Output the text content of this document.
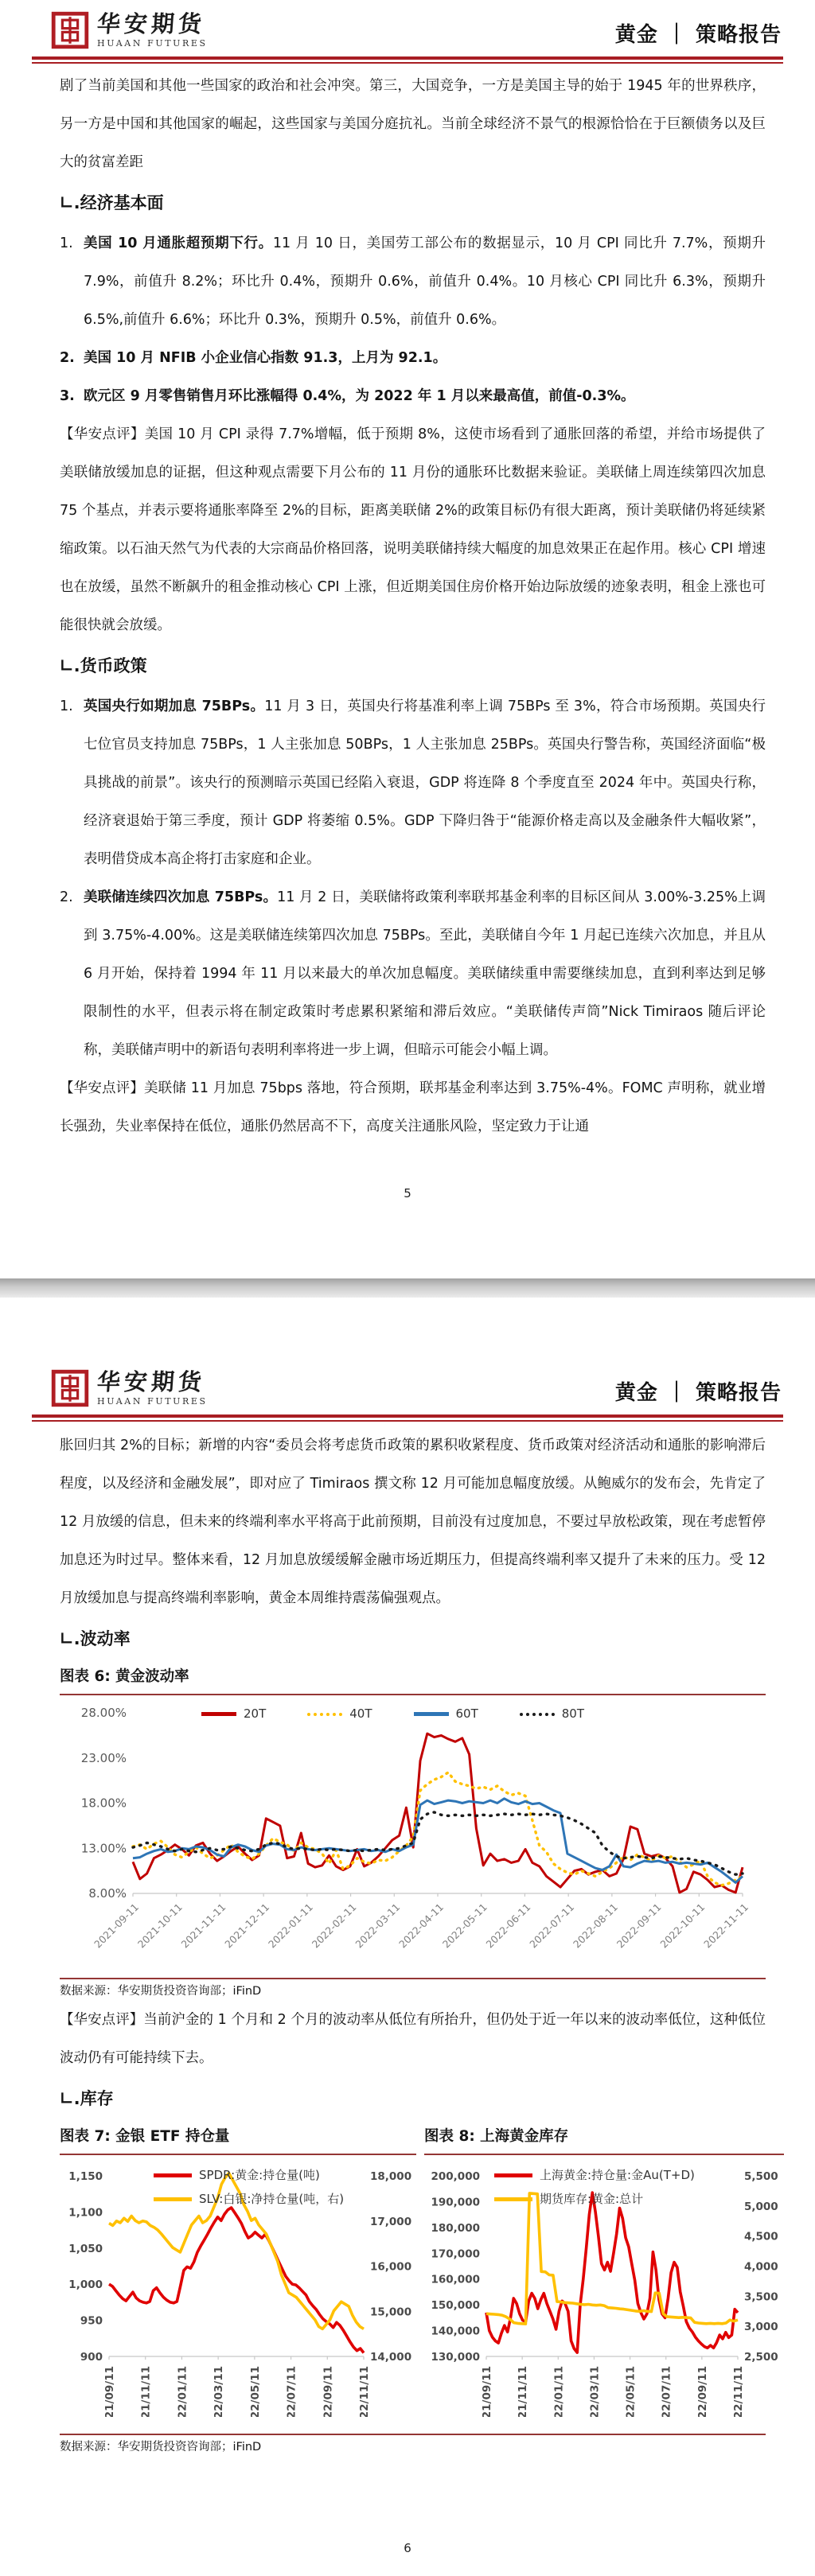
华安期货
HUAAN FUTURES	黄金 ｜ 策略报告
剧了当前美国和其他一些国家的政治和社会冲突。第三，大国竞争，一方是美国主导的始于 1945 年的世界秩序，另一方是中国和其他国家的崛起，这些国家与美国分庭抗礼。当前全球经济不景气的根源恰恰在于巨额债务以及巨大的贫富差距
∟.经济基本面
1. 美国 10 月通胀超预期下行。11 月 10 日，美国劳工部公布的数据显示，10 月 CPI 同比升 7.7%，预期升 7.9%，前值升 8.2%；环比升 0.4%，预期升 0.6%，前值升 0.4%。10 月核心 CPI 同比升 6.3%，预期升 6.5%,前值升 6.6%；环比升 0.3%，预期升 0.5%，前值升 0.6%。
2. 美国 10 月 NFIB 小企业信心指数 91.3，上月为 92.1。
3. 欧元区 9 月零售销售月环比涨幅得 0.4%，为 2022 年 1 月以来最高值，前值-0.3%。
【华安点评】美国 10 月 CPI 录得 7.7%增幅，低于预期 8%，这使市场看到了通胀回落的希望，并给市场提供了美联储放缓加息的证据，但这种观点需要下月公布的 11 月份的通胀环比数据来验证。美联储上周连续第四次加息 75 个基点，并表示要将通胀率降至 2%的目标，距离美联储 2%的政策目标仍有很大距离，预计美联储仍将延续紧缩政策。以石油天然气为代表的大宗商品价格回落，说明美联储持续大幅度的加息效果正在起作用。核心 CPI 增速也在放缓，虽然不断飙升的租金推动核心 CPI 上涨，但近期美国住房价格开始边际放缓的迹象表明，租金上涨也可能很快就会放缓。
∟.货币政策
1. 英国央行如期加息 75BPs。11 月 3 日，英国央行将基准利率上调 75BPs 至 3%，符合市场预期。英国央行七位官员支持加息 75BPs，1 人主张加息 50BPs，1 人主张加息 25BPs。英国央行警告称，英国经济面临“极具挑战的前景”。该央行的预测暗示英国已经陷入衰退，GDP 将连降 8 个季度直至 2024 年中。英国央行称，经济衰退始于第三季度，预计 GDP 将萎缩 0.5%。GDP 下降归咎于“能源价格走高以及金融条件大幅收紧”，表明借贷成本高企将打击家庭和企业。
2. 美联储连续四次加息 75BPs。11 月 2 日，美联储将政策利率联邦基金利率的目标区间从 3.00%-3.25%上调到 3.75%-4.00%。这是美联储连续第四次加息 75BPs。至此，美联储自今年 1 月起已连续六次加息，并且从 6 月开始，保持着 1994 年 11 月以来最大的单次加息幅度。美联储续重申需要继续加息，直到利率达到足够限制性的水平，但表示将在制定政策时考虑累积紧缩和滞后效应。“美联储传声筒”Nick Timiraos 随后评论称，美联储声明中的新语句表明利率将进一步上调，但暗示可能会小幅上调。
【华安点评】美联储 11 月加息 75bps 落地，符合预期，联邦基金利率达到 3.75%-4%。FOMC 声明称，就业增长强劲，失业率保持在低位，通胀仍然居高不下，高度关注通胀风险，坚定致力于让通
5
华安期货
HUAAN FUTURES	黄金 ｜ 策略报告
胀回归其 2%的目标；新增的内容“委员会将考虑货币政策的累积收紧程度、货币政策对经济活动和通胀的影响滞后程度，以及经济和金融发展”，即对应了 Timiraos 撰文称 12 月可能加息幅度放缓。从鲍威尔的发布会，先肯定了 12 月放缓的信息，但未来的终端利率水平将高于此前预期，目前没有过度加息，不要过早放松政策，现在考虑暂停加息还为时过早。整体来看，12 月加息放缓缓解金融市场近期压力，但提高终端利率又提升了未来的压力。受 12 月放缓加息与提高终端利率影响，黄金本周维持震荡偏强观点。
∟.波动率
图表 6: 黄金波动率
28.00%
23.00%
18.00%
13.00%
8.00%
2021-09-11
2021-10-11
2021-11-11
2021-12-11
2022-01-11
2022-02-11
2022-03-11
2022-04-11
2022-05-11
2022-06-11
2022-07-11
2022-08-11
2022-09-11
2022-10-11
2022-11-11
20T	40T	60T	80T
数据来源：华安期货投资咨询部；iFinD
【华安点评】当前沪金的 1 个月和 2 个月的波动率从低位有所抬升，但仍处于近一年以来的波动率低位，这种低位波动仍有可能持续下去。
∟.库存
图表 7: 金银 ETF 持仓量
1,150
1,100
1,050
1,000
950
900
18,000
17,000
16,000
15,000
14,000
21/09/11 21/11/11 22/01/11 22/03/11 22/05/11 22/07/11 22/09/11 22/11/11
SPDR:黄金:持仓量(吨)
SLV:白银:净持仓量(吨，右)
图表 8: 上海黄金库存
200,000
190,000
180,000
170,000
160,000
150,000
140,000
130,000
5,500
5,000
4,500
4,000
3,500
3,000
2,500
21/09/11 21/11/11 22/01/11 22/03/11 22/05/11 22/07/11 22/09/11 22/11/11
上海黄金:持仓量:金Au(T+D)
期货库存:黄金:总计
数据来源：华安期货投资咨询部；iFinD
6
